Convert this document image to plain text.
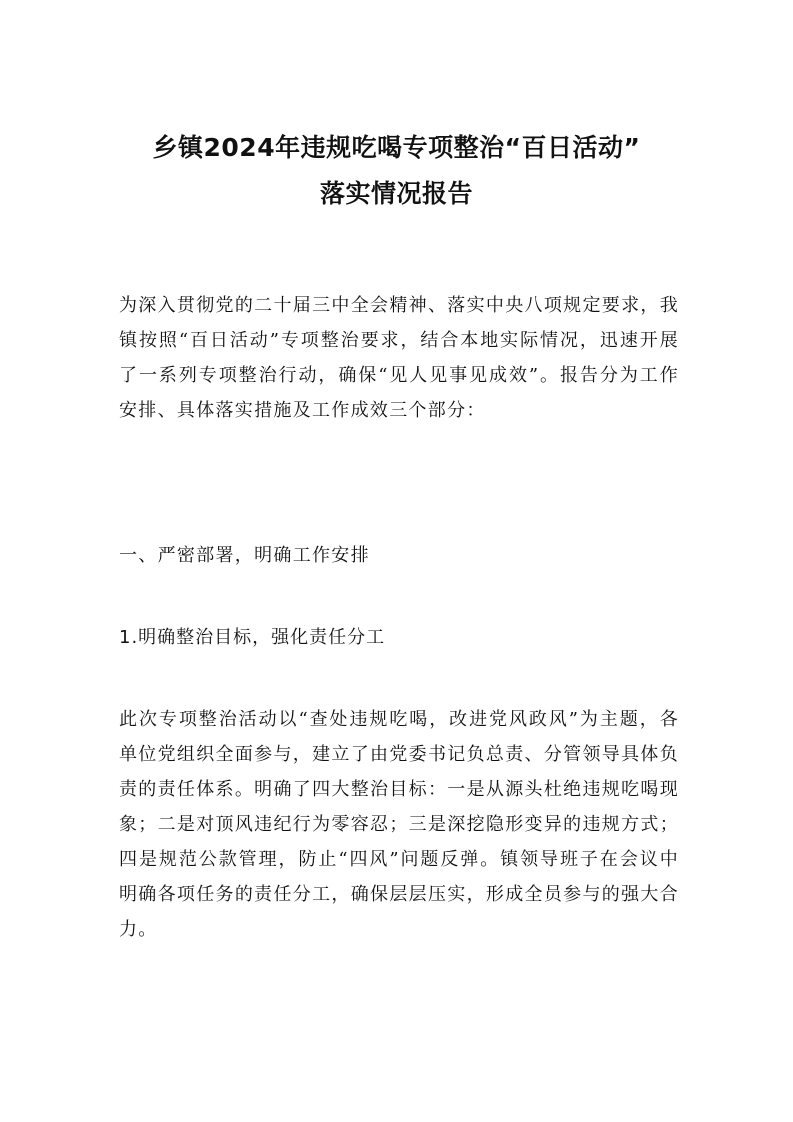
乡镇2024年违规吃喝专项整治“百日活动”
落实情况报告

为深入贯彻党的二十届三中全会精神、落实中央八项规定要求，我镇按照“百日活动”专项整治要求，结合本地实际情况，迅速开展了一系列专项整治行动，确保“见人见事见成效”。报告分为工作安排、具体落实措施及工作成效三个部分：

一、严密部署，明确工作安排

1.明确整治目标，强化责任分工

此次专项整治活动以“查处违规吃喝，改进党风政风”为主题，各单位党组织全面参与，建立了由党委书记负总责、分管领导具体负责的责任体系。明确了四大整治目标：一是从源头杜绝违规吃喝现象；二是对顶风违纪行为零容忍；三是深挖隐形变异的违规方式；四是规范公款管理，防止“四风”问题反弹。镇领导班子在会议中明确各项任务的责任分工，确保层层压实，形成全员参与的强大合力。
